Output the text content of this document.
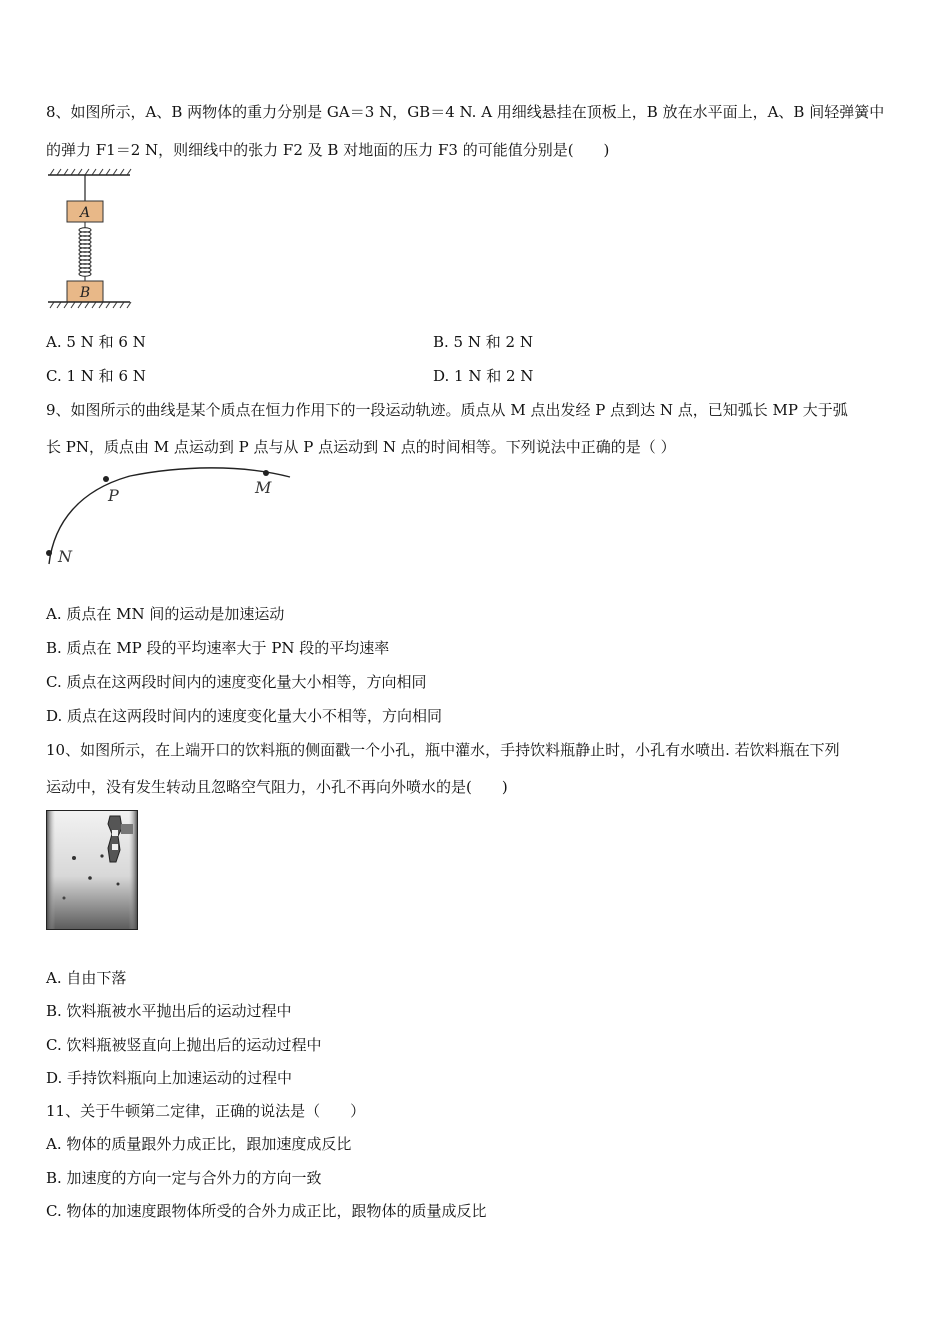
8、如图所示，A、B 两物体的重力分别是 GA＝3 N，GB＝4 N. A 用细线悬挂在顶板上，B 放在水平面上，A、B 间轻弹簧中
的弹力 F1＝2 N，则细线中的张力 F2 及 B 对地面的压力 F3 的可能值分别是(　　)
A
B
A. 5 N 和 6 N	B. 5 N 和 2 N
C. 1 N 和 6 N	D. 1 N 和 2 N
9、如图所示的曲线是某个质点在恒力作用下的一段运动轨迹。质点从 M 点出发经 P 点到达 N 点，已知弧长 MP 大于弧
长 PN，质点由 M 点运动到 P 点与从 P 点运动到 N 点的时间相等。下列说法中正确的是（ ）
P	M
N
A. 质点在 MN 间的运动是加速运动
B. 质点在 MP 段的平均速率大于 PN 段的平均速率
C. 质点在这两段时间内的速度变化量大小相等，方向相同
D. 质点在这两段时间内的速度变化量大小不相等，方向相同
10、如图所示，在上端开口的饮料瓶的侧面戳一个小孔，瓶中灌水，手持饮料瓶静止时，小孔有水喷出. 若饮料瓶在下列
运动中，没有发生转动且忽略空气阻力，小孔不再向外喷水的是(　　)
A. 自由下落
B. 饮料瓶被水平抛出后的运动过程中
C. 饮料瓶被竖直向上抛出后的运动过程中
D. 手持饮料瓶向上加速运动的过程中
11、关于牛顿第二定律，正确的说法是（　　）
A. 物体的质量跟外力成正比，跟加速度成反比
B. 加速度的方向一定与合外力的方向一致
C. 物体的加速度跟物体所受的合外力成正比，跟物体的质量成反比
